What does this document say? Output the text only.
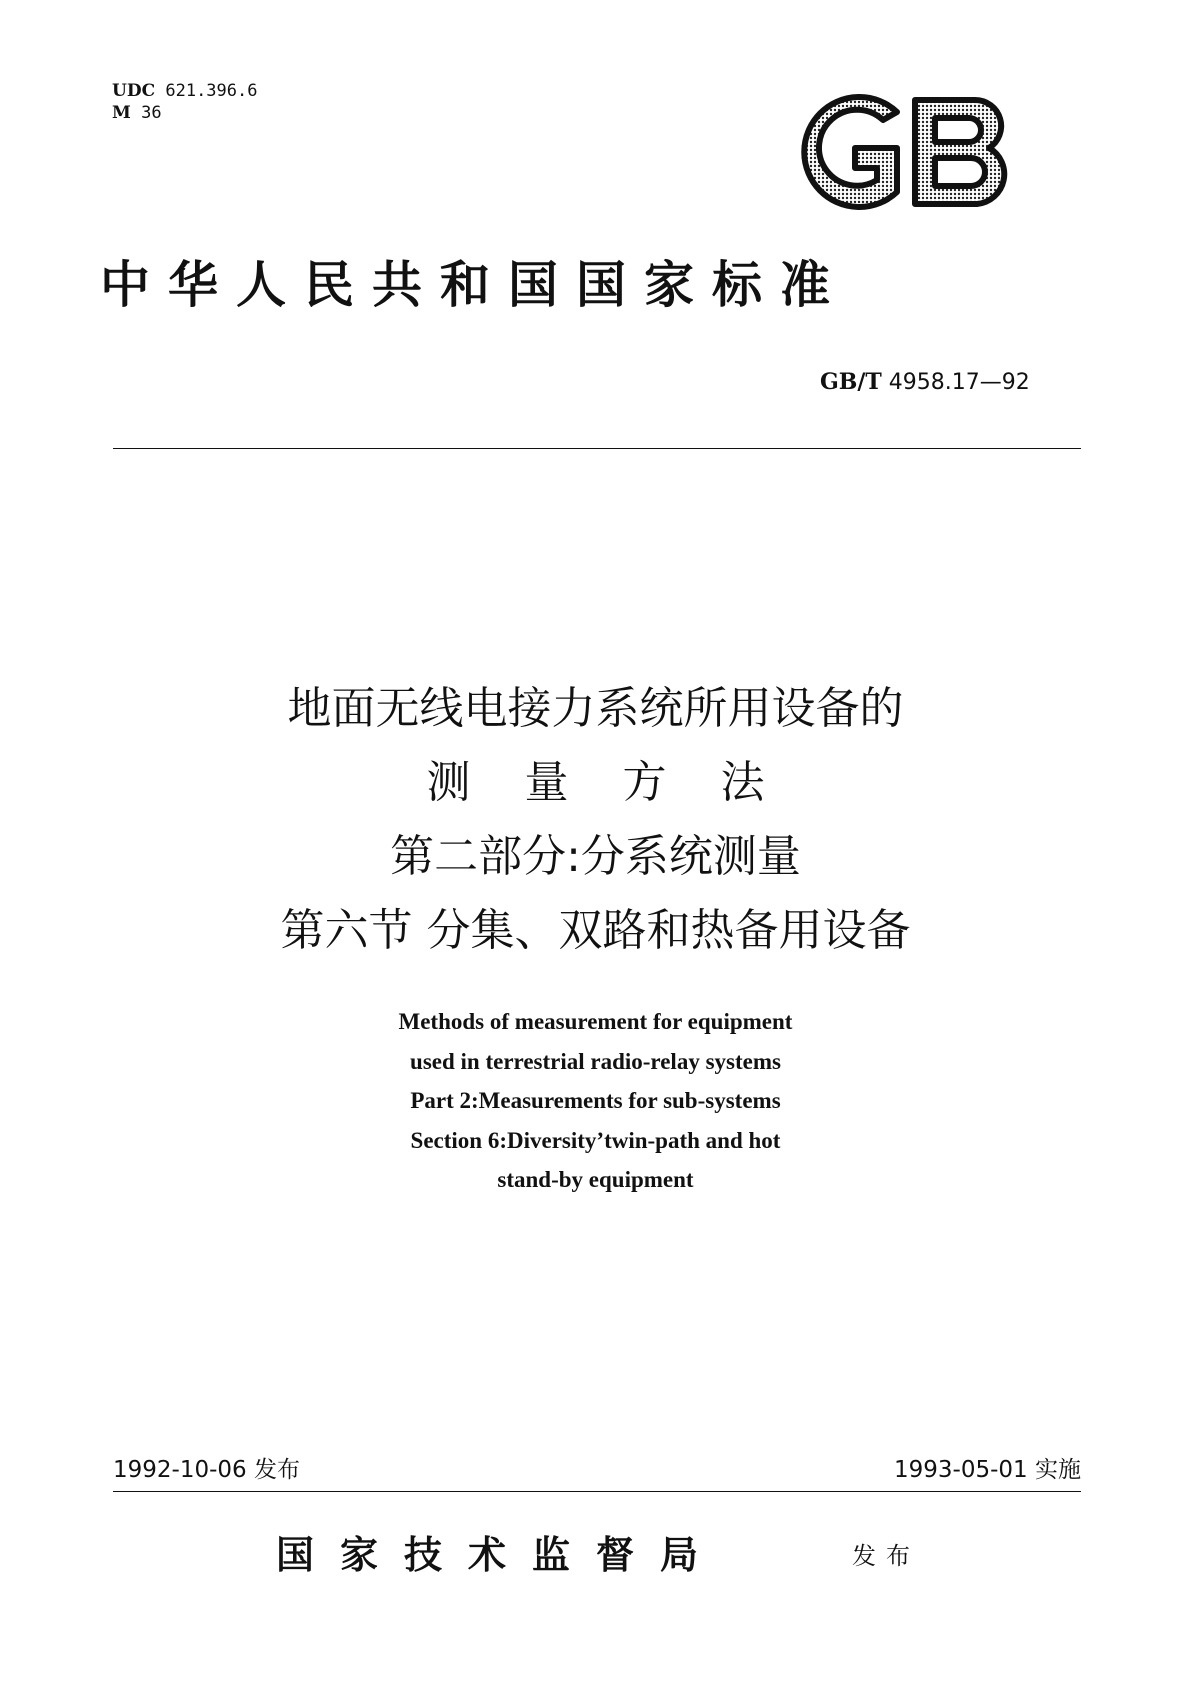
UDC 621.396.6
M 36
中华人民共和国国家标准
GB/T 4958.17—92
地面无线电接力系统所用设备的
测量方法
第二部分:分系统测量
第六节 分集、双路和热备用设备
Methods of measurement for equipment
used in terrestrial radio-relay systems
Part 2:Measurements for sub-systems
Section 6:Diversity’twin-path and hot
stand-by equipment
1992-10-06 发布	1993-05-01 实施
国家技术监督局	发布
